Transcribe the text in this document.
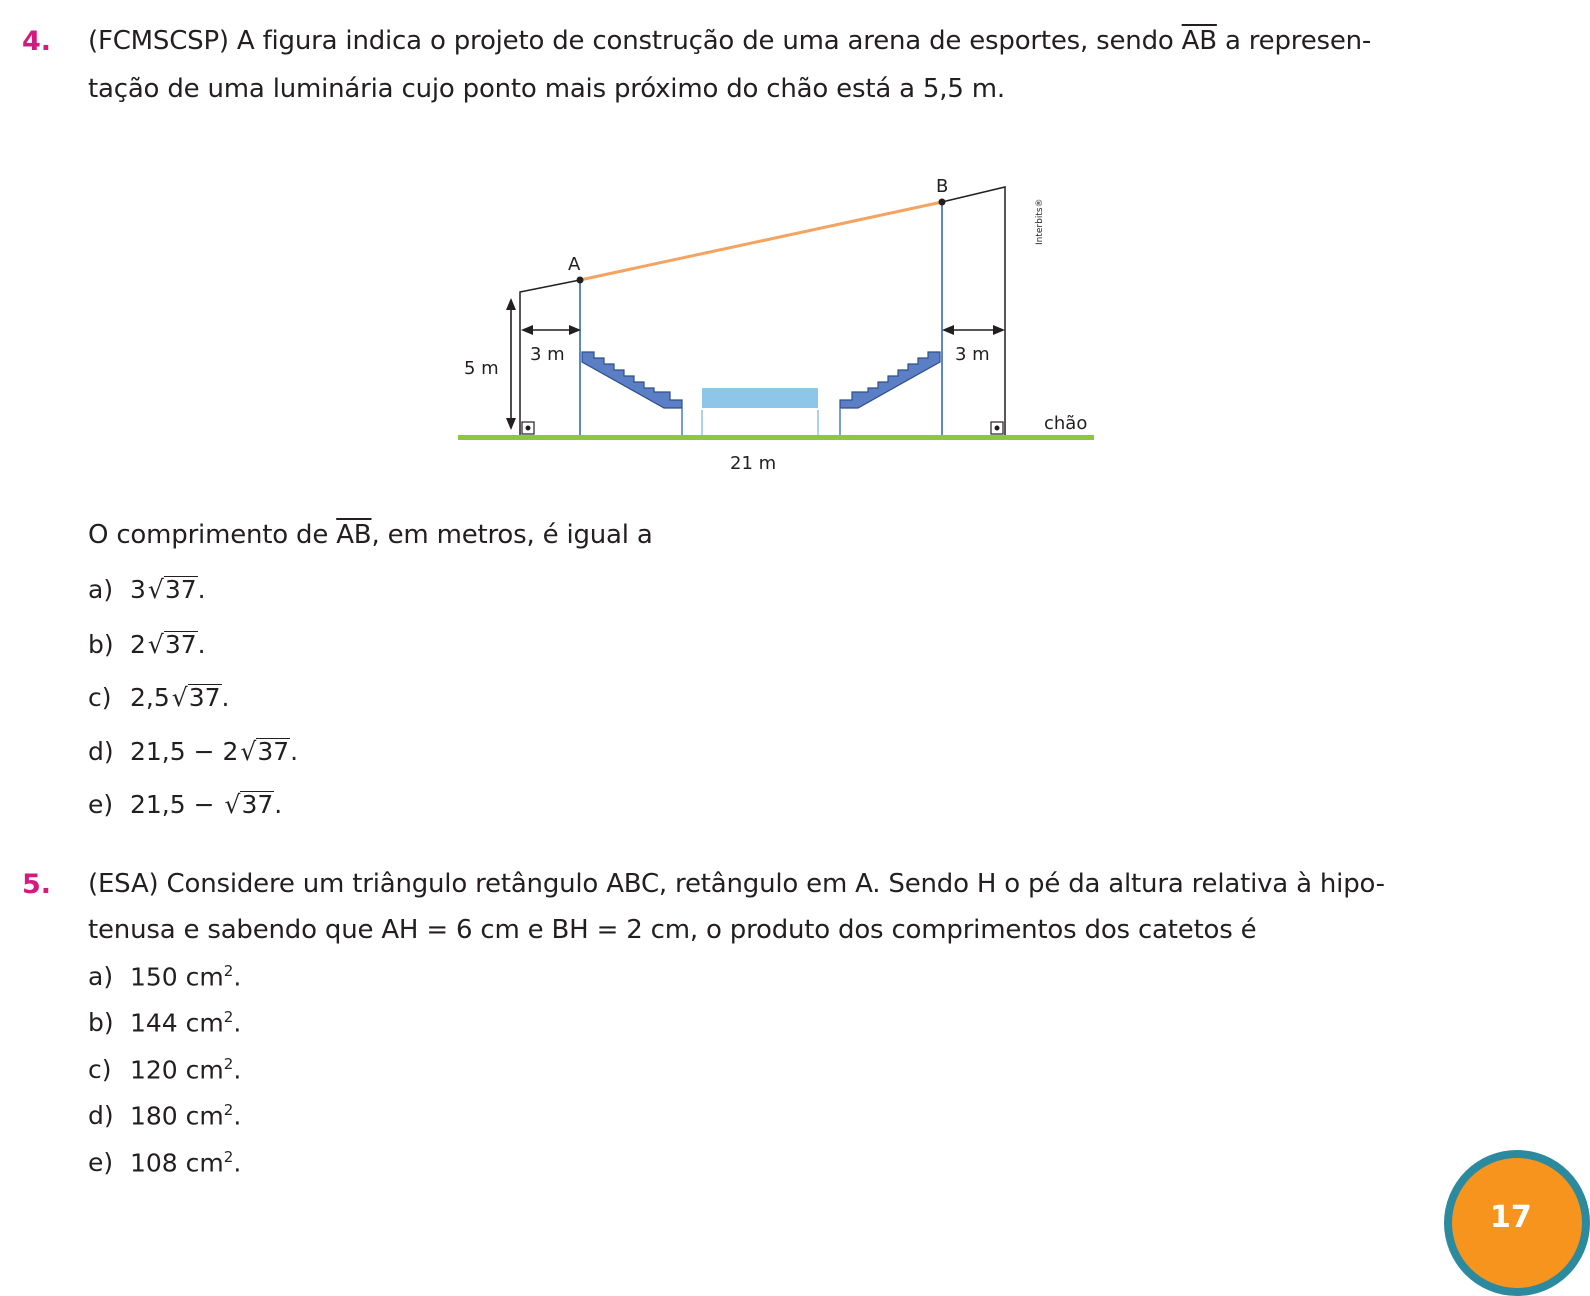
4. (FCMSCSP) A figura indica o projeto de construção de uma arena de esportes, sendo $\overline{AB}$ a represen-
tação de uma luminária cujo ponto mais próximo do chão está a 5,5 m.
A
B
5 m
3 m	3 m
chão
21 m
Interbits®
O comprimento de $\overline{AB}$, em metros, é igual a
a) 3√37.
b) 2√37.
c) 2,5√37.
d) 21,5 − 2√37.
e) 21,5 − √37.
5. (ESA) Considere um triângulo retângulo ABC, retângulo em A. Sendo H o pé da altura relativa à hipo-
tenusa e sabendo que AH = 6 cm e BH = 2 cm, o produto dos comprimentos dos catetos é
a) 150 $cm^2$.
b) 144 $cm^2$.
c) 120 $cm^2$.
d) 180 $cm^2$.
e) 108 $cm^2$.
17
